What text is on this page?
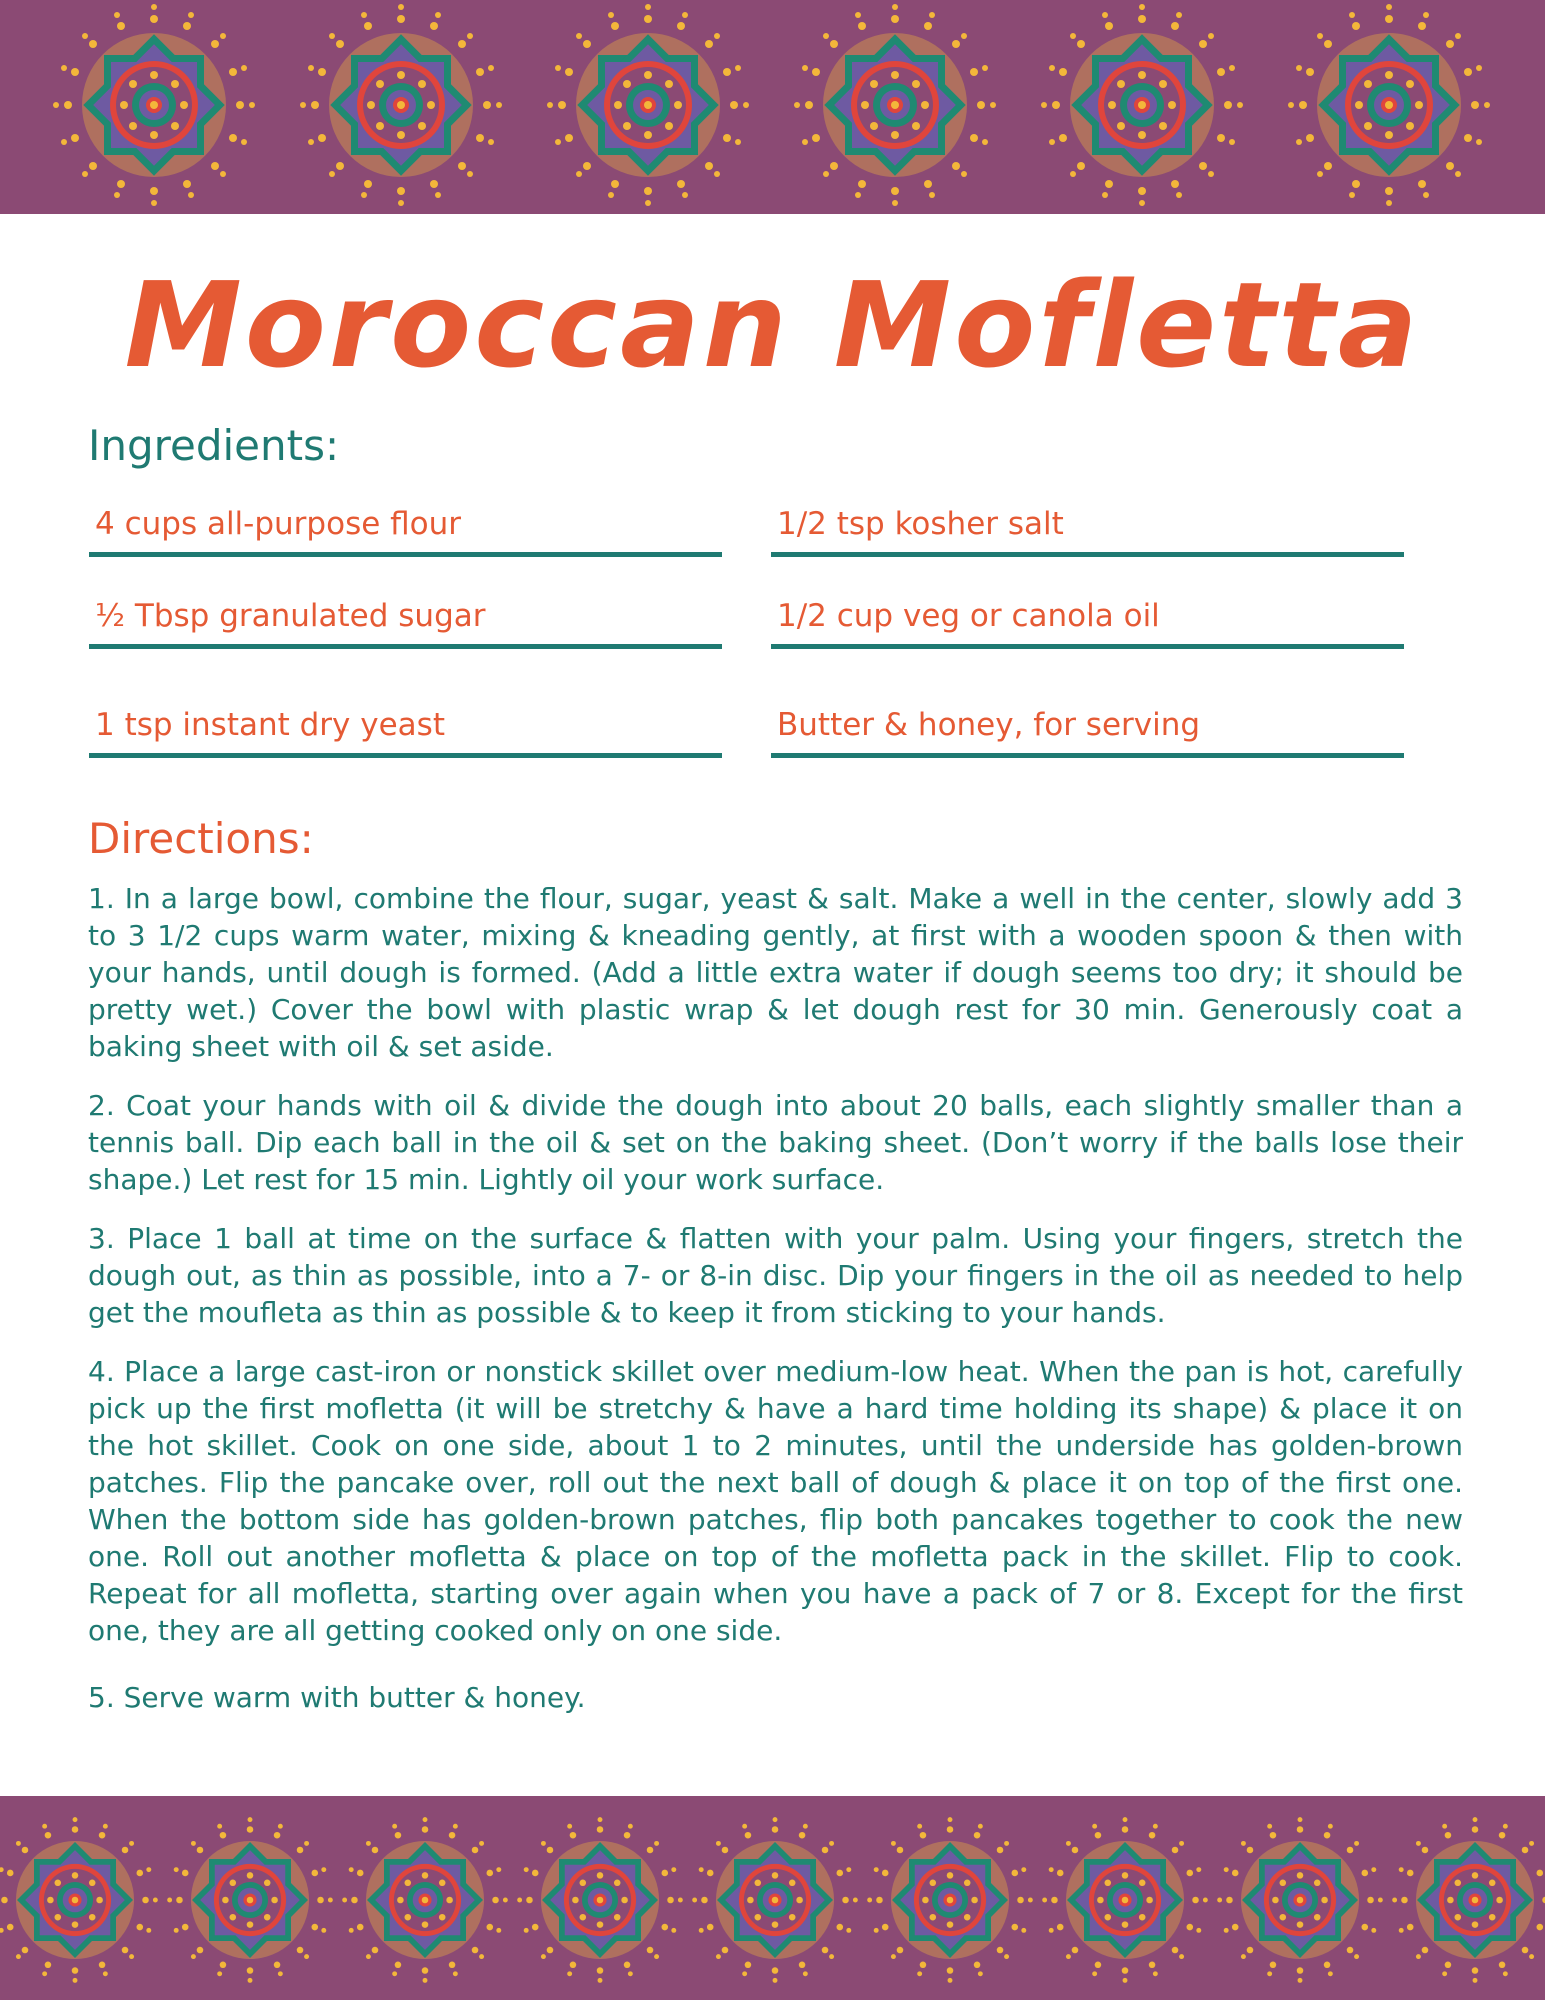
Moroccan Mofletta
Ingredients:
4 cups all-purpose flour	1/2 tsp kosher salt
½ Tbsp granulated sugar	1/2 cup veg or canola oil
1 tsp instant dry yeast	Butter & honey, for serving
Directions:

1. In a large bowl, combine the flour, sugar, yeast & salt. Make a well in the center, slowly add 3 to 3 1/2 cups warm water, mixing & kneading gently, at first with a wooden spoon & then with your hands, until dough is formed. (Add a little extra water if dough seems too dry; it should be pretty wet.) Cover the bowl with plastic wrap & let dough rest for 30 min. Generously coat a baking sheet with oil & set aside.

2. Coat your hands with oil & divide the dough into about 20 balls, each slightly smaller than a tennis ball. Dip each ball in the oil & set on the baking sheet. (Don’t worry if the balls lose their shape.) Let rest for 15 min. Lightly oil your work surface.

3. Place 1 ball at time on the surface & flatten with your palm. Using your fingers, stretch the dough out, as thin as possible, into a 7- or 8-in disc. Dip your fingers in the oil as needed to help get the moufleta as thin as possible & to keep it from sticking to your hands.

4. Place a large cast-iron or nonstick skillet over medium-low heat. When the pan is hot, carefully pick up the first mofletta (it will be stretchy & have a hard time holding its shape) & place it on the hot skillet. Cook on one side, about 1 to 2 minutes, until the underside has golden-brown patches. Flip the pancake over, roll out the next ball of dough & place it on top of the first one. When the bottom side has golden-brown patches, flip both pancakes together to cook the new one. Roll out another mofletta & place on top of the mofletta pack in the skillet. Flip to cook. Repeat for all mofletta, starting over again when you have a pack of 7 or 8. Except for the first one, they are all getting cooked only on one side.

5. Serve warm with butter & honey.
